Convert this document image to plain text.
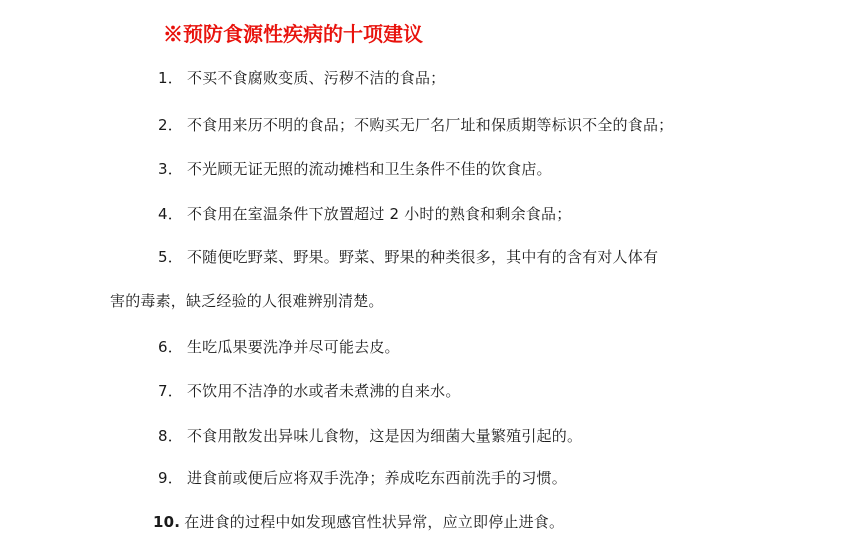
※预防食源性疾病的十项建议
1． 不买不食腐败变质、污秽不洁的食品；
2． 不食用来历不明的食品；不购买无厂名厂址和保质期等标识不全的食品；
3． 不光顾无证无照的流动摊档和卫生条件不佳的饮食店。
4． 不食用在室温条件下放置超过 2 小时的熟食和剩余食品；
5． 不随便吃野菜、野果。野菜、野果的种类很多，其中有的含有对人体有
害的毒素，缺乏经验的人很难辨别清楚。
6． 生吃瓜果要洗净并尽可能去皮。
7． 不饮用不洁净的水或者未煮沸的自来水。
8． 不食用散发出异味儿食物，这是因为细菌大量繁殖引起的。
9． 进食前或便后应将双手洗净；养成吃东西前洗手的习惯。
10. 在进食的过程中如发现感官性状异常，应立即停止进食。
